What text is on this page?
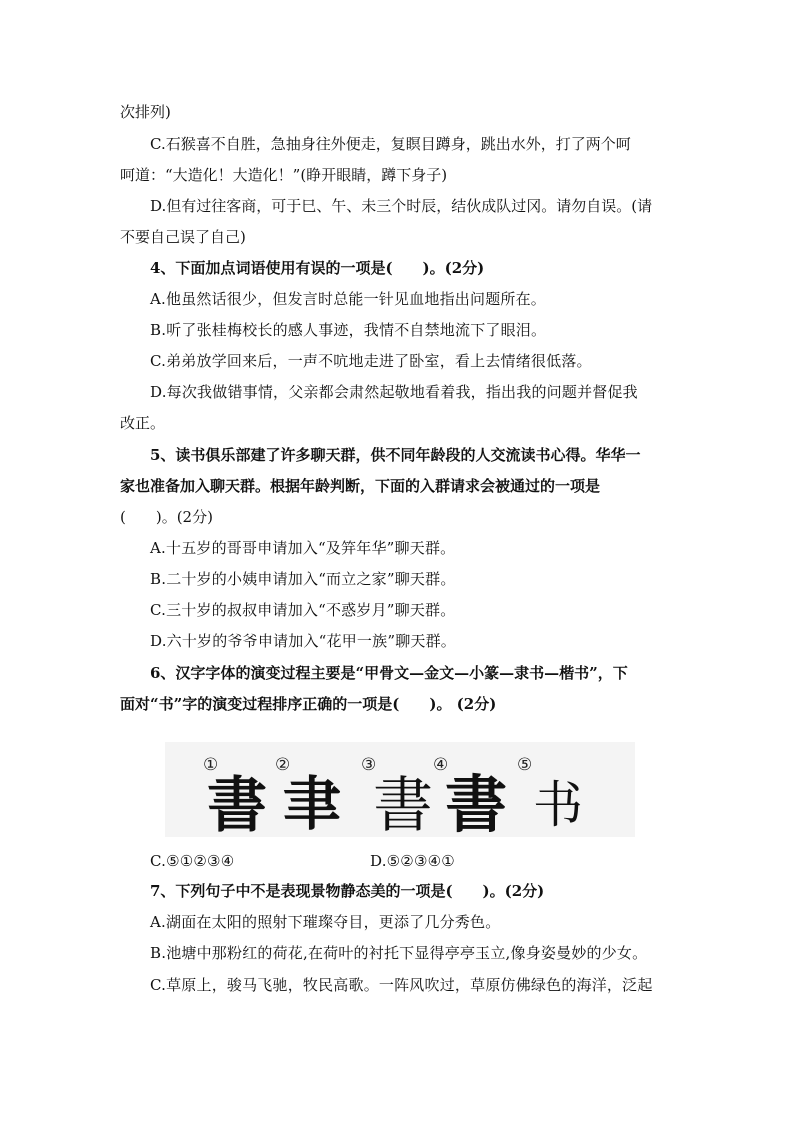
次排列)
C.石猴喜不自胜，急抽身往外便走，复瞑目蹲身，跳出水外，打了两个呵
呵道：“大造化！大造化！”(睁开眼睛，蹲下身子)
D.但有过往客商，可于巳、午、未三个时辰，结伙成队过冈。请勿自误。(请
不要自己误了自己)
4、下面加点词语使用有误的一项是(　　)。(2分)
A.他虽然话很少，但发言时总能一针见血地指出问题所在。
B.听了张桂梅校长的感人事迹，我情不自禁地流下了眼泪。
C.弟弟放学回来后，一声不吭地走进了卧室，看上去情绪很低落。
D.每次我做错事情，父亲都会肃然起敬地看着我，指出我的问题并督促我
改正。
5、读书俱乐部建了许多聊天群，供不同年龄段的人交流读书心得。华华一
家也准备加入聊天群。根据年龄判断，下面的入群请求会被通过的一项是
(　　)。(2分)
A.十五岁的哥哥申请加入“及笄年华”聊天群。
B.二十岁的小姨申请加入“而立之家”聊天群。
C.三十岁的叔叔申请加入“不惑岁月”聊天群。
D.六十岁的爷爷申请加入“花甲一族”聊天群。
6、汉字字体的演变过程主要是“甲骨文—金文—小篆—隶书—楷书”，下
面对“书”字的演变过程排序正确的一项是(　　)。 (2分)
①	②	③	④	⑤
書 聿 書 書 书
C.⑤①②③④	D.⑤②③④①
7、下列句子中不是表现景物静态美的一项是(　　)。(2分)
A.湖面在太阳的照射下璀璨夺目，更添了几分秀色。
B.池塘中那粉红的荷花,在荷叶的衬托下显得亭亭玉立,像身姿曼妙的少女。
C.草原上，骏马飞驰，牧民高歌。一阵风吹过，草原仿佛绿色的海洋，泛起
